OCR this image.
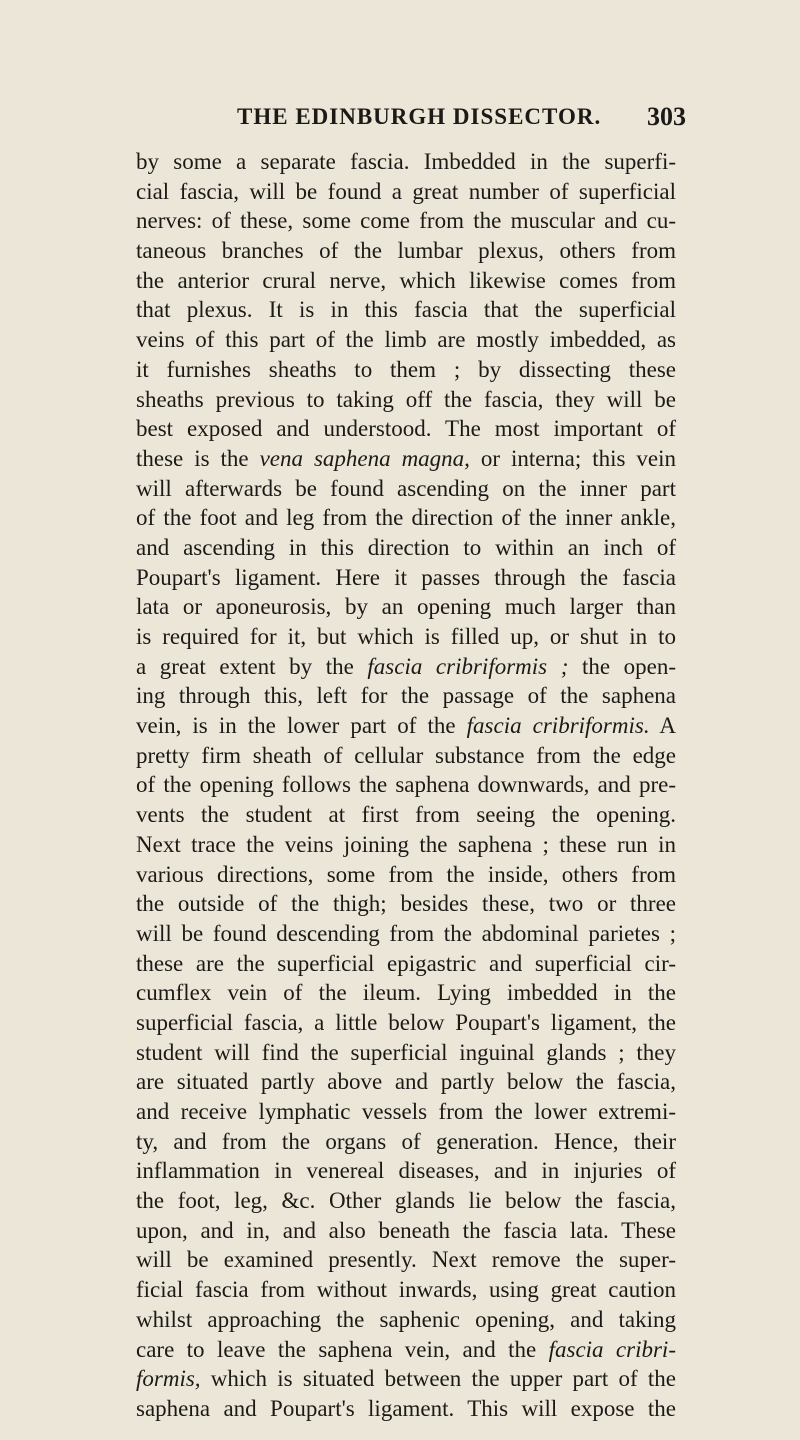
THE EDINBURGH DISSECTOR. 303
by some a separate fascia. Imbedded in the superfi-
cial fascia, will be found a great number of superficial
nerves: of these, some come from the muscular and cu-
taneous branches of the lumbar plexus, others from
the anterior crural nerve, which likewise comes from
that plexus. It is in this fascia that the superficial
veins of this part of the limb are mostly imbedded, as
it furnishes sheaths to them ; by dissecting these
sheaths previous to taking off the fascia, they will be
best exposed and understood. The most important of
these is the vena saphena magna, or interna; this vein
will afterwards be found ascending on the inner part
of the foot and leg from the direction of the inner ankle,
and ascending in this direction to within an inch of
Poupart's ligament. Here it passes through the fascia
lata or aponeurosis, by an opening much larger than
is required for it, but which is filled up, or shut in to
a great extent by the fascia cribriformis ; the open-
ing through this, left for the passage of the saphena
vein, is in the lower part of the fascia cribriformis. A
pretty firm sheath of cellular substance from the edge
of the opening follows the saphena downwards, and pre-
vents the student at first from seeing the opening.
Next trace the veins joining the saphena ; these run in
various directions, some from the inside, others from
the outside of the thigh; besides these, two or three
will be found descending from the abdominal parietes ;
these are the superficial epigastric and superficial cir-
cumflex vein of the ileum. Lying imbedded in the
superficial fascia, a little below Poupart's ligament, the
student will find the superficial inguinal glands ; they
are situated partly above and partly below the fascia,
and receive lymphatic vessels from the lower extremi-
ty, and from the organs of generation. Hence, their
inflammation in venereal diseases, and in injuries of
the foot, leg, &c. Other glands lie below the fascia,
upon, and in, and also beneath the fascia lata. These
will be examined presently. Next remove the super-
ficial fascia from without inwards, using great caution
whilst approaching the saphenic opening, and taking
care to leave the saphena vein, and the fascia cribri-
formis, which is situated between the upper part of the
saphena and Poupart's ligament. This will expose the
